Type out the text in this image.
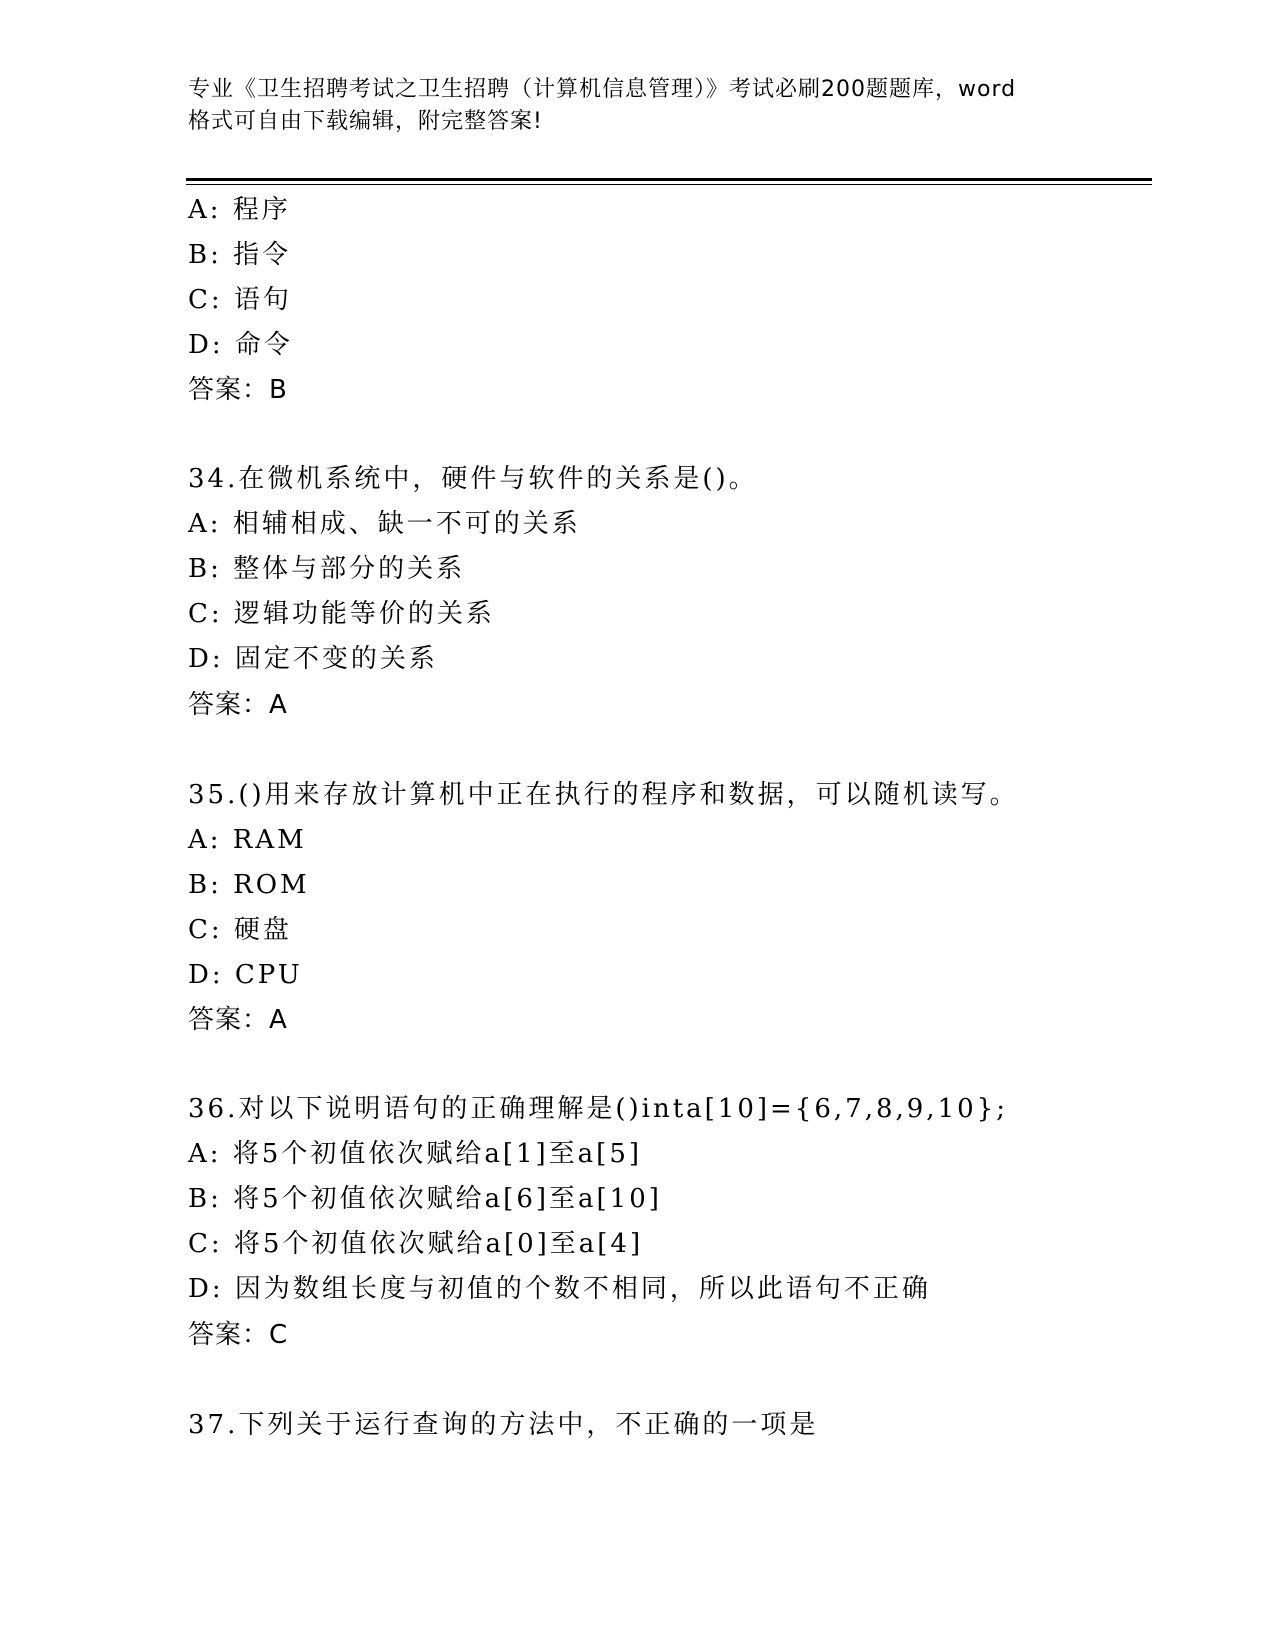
专业《卫生招聘考试之卫生招聘（计算机信息管理）》考试必刷200题题库，word
格式可自由下载编辑，附完整答案!
A: 程序
B: 指令
C: 语句
D: 命令
答案：B
34.在微机系统中，硬件与软件的关系是()。
A: 相辅相成、缺一不可的关系
B: 整体与部分的关系
C: 逻辑功能等价的关系
D: 固定不变的关系
答案：A
35.()用来存放计算机中正在执行的程序和数据，可以随机读写。
A: RAM
B: ROM
C: 硬盘
D: CPU
答案：A
36.对以下说明语句的正确理解是()inta[10]={6,7,8,9,10};
A: 将5个初值依次赋给a[1]至a[5]
B: 将5个初值依次赋给a[6]至a[10]
C: 将5个初值依次赋给a[0]至a[4]
D: 因为数组长度与初值的个数不相同，所以此语句不正确
答案：C
37.下列关于运行查询的方法中，不正确的一项是
